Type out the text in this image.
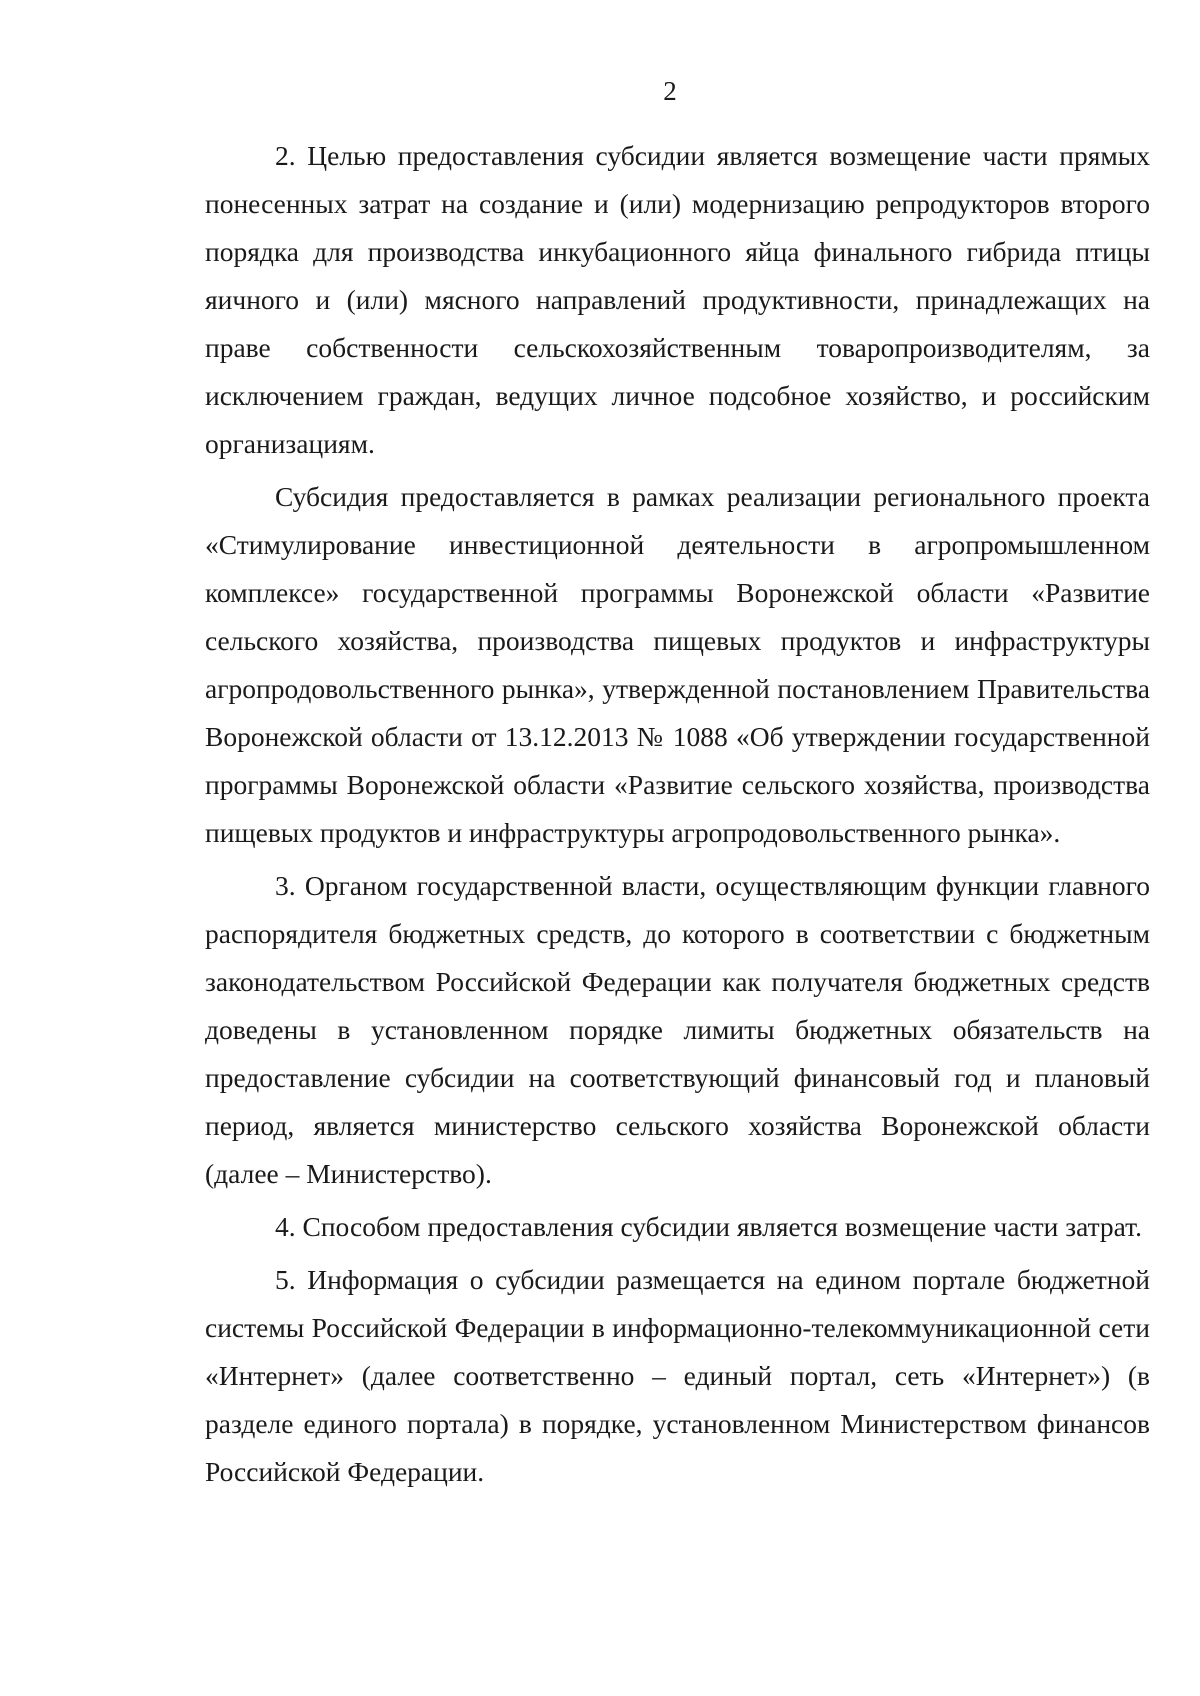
2

2. Целью предоставления субсидии является возмещение части прямых понесенных затрат на создание и (или) модернизацию репродукторов второго порядка для производства инкубационного яйца финального гибрида птицы яичного и (или) мясного направлений продуктивности, принадлежащих на праве собственности сельскохозяйственным товаропроизводителям, за исключением граждан, ведущих личное подсобное хозяйство, и российским организациям.

Субсидия предоставляется в рамках реализации регионального проекта «Стимулирование инвестиционной деятельности в агропромышленном комплексе» государственной программы Воронежской области «Развитие сельского хозяйства, производства пищевых продуктов и инфраструктуры агропродовольственного рынка», утвержденной постановлением Правительства Воронежской области от 13.12.2013 № 1088 «Об утверждении государственной программы Воронежской области «Развитие сельского хозяйства, производства пищевых продуктов и инфраструктуры агропродовольственного рынка».

3. Органом государственной власти, осуществляющим функции главного распорядителя бюджетных средств, до которого в соответствии с бюджетным законодательством Российской Федерации как получателя бюджетных средств доведены в установленном порядке лимиты бюджетных обязательств на предоставление субсидии на соответствующий финансовый год и плановый период, является министерство сельского хозяйства Воронежской области (далее – Министерство).

4. Способом предоставления субсидии является возмещение части затрат.

5. Информация о субсидии размещается на едином портале бюджетной системы Российской Федерации в информационно-телекоммуникационной сети «Интернет» (далее соответственно – единый портал, сеть «Интернет») (в разделе единого портала) в порядке, установленном Министерством финансов Российской Федерации.
